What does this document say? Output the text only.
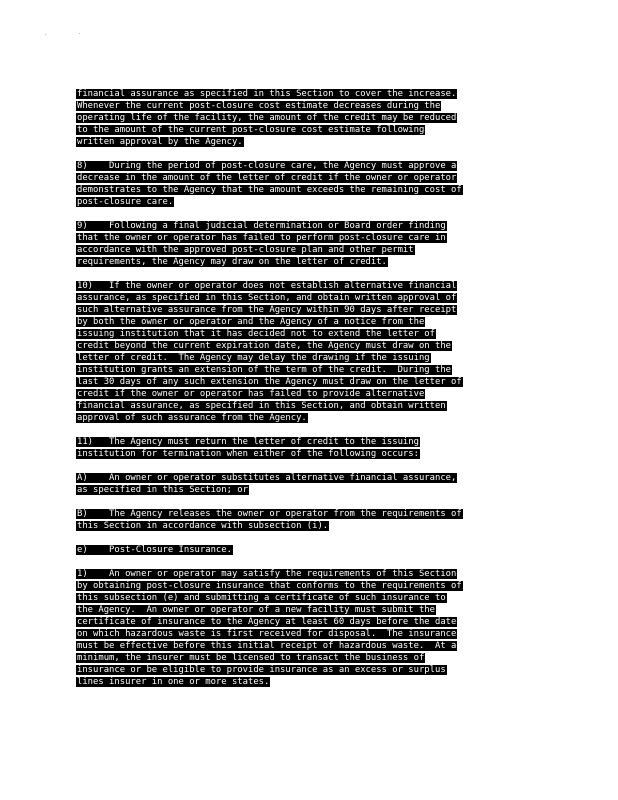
financial assurance as specified in this Section to cover the increase.
Whenever the current post-closure cost estimate decreases during the
operating life of the facility, the amount of the credit may be reduced
to the amount of the current post-closure cost estimate following
written approval by the Agency.
8)    During the period of post-closure care, the Agency must approve a
decrease in the amount of the letter of credit if the owner or operator
demonstrates to the Agency that the amount exceeds the remaining cost of
post-closure care.
9)    Following a final judicial determination or Board order finding
that the owner or operator has failed to perform post-closure care in
accordance with the approved post-closure plan and other permit
requirements, the Agency may draw on the letter of credit.
10)   If the owner or operator does not establish alternative financial
assurance, as specified in this Section, and obtain written approval of
such alternative assurance from the Agency within 90 days after receipt
by both the owner or operator and the Agency of a notice from the
issuing institution that it has decided not to extend the letter of
credit beyond the current expiration date, the Agency must draw on the
letter of credit.  The Agency may delay the drawing if the issuing
institution grants an extension of the term of the credit.  During the
last 30 days of any such extension the Agency must draw on the letter of
credit if the owner or operator has failed to provide alternative
financial assurance, as specified in this Section, and obtain written
approval of such assurance from the Agency.
11)   The Agency must return the letter of credit to the issuing
institution for termination when either of the following occurs:
A)    An owner or operator substitutes alternative financial assurance,
as specified in this Section; or
B)    The Agency releases the owner or operator from the requirements of
this Section in accordance with subsection (i).
e)    Post-Closure Insurance.
1)    An owner or operator may satisfy the requirements of this Section
by obtaining post-closure insurance that conforms to the requirements of
this subsection (e) and submitting a certificate of such insurance to
the Agency.  An owner or operator of a new facility must submit the
certificate of insurance to the Agency at least 60 days before the date
on which hazardous waste is first received for disposal.  The insurance
must be effective before this initial receipt of hazardous waste.  At a
minimum, the insurer must be licensed to transact the business of
insurance or be eligible to provide insurance as an excess or surplus
lines insurer in one or more states.
